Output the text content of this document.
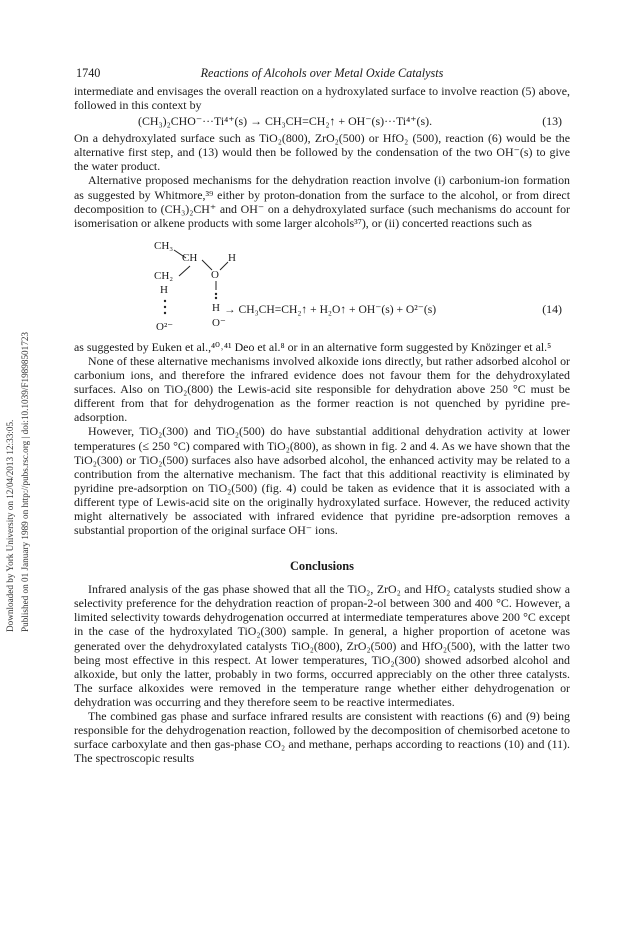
Downloaded by York University on 12/04/2013 12:33:05. Published on 01 January 1989 on http://pubs.rsc.org | doi:10.1039/F19898501723
1740	Reactions of Alcohols over Metal Oxide Catalysts

intermediate and envisages the overall reaction on a hydroxylated surface to involve reaction (5) above, followed in this context by

(CH₃)₂CHO⁻···Ti⁴⁺(s) → CH₃CH=CH₂↑ + OH⁻(s)···Ti⁴⁺(s).	(13)

On a dehydroxylated surface such as TiO₂(800), ZrO₂(500) or HfO₂ (500), reaction (6) would be the alternative first step, and (13) would then be followed by the condensation of the two OH⁻(s) to give the water product.

Alternative proposed mechanisms for the dehydration reaction involve (i) carbonium-ion formation as suggested by Whitmore,³⁹ either by proton-donation from the surface to the alcohol, or from direct decomposition to (CH₃)₂CH⁺ and OH⁻ on a dehydroxylated surface (such mechanisms do account for isomerisation or alkene products with some larger alcohols³⁷), or (ii) concerted reactions such as

CH₃
CH	H
CH₂	O
H
H → CH₃CH=CH₂↑ + H₂O↑ + OH⁻(s) + O²⁻(s)	(14)
O⁻
O²⁻

as suggested by Euken et al.,⁴⁰˒⁴¹ Deo et al.⁸ or in an alternative form suggested by Knözinger et al.⁵

None of these alternative mechanisms involved alkoxide ions directly, but rather adsorbed alcohol or carbonium ions, and therefore the infrared evidence does not favour them for the dehydroxylated surfaces. Also on TiO₂(800) the Lewis-acid site responsible for dehydration above 250 °C must be different from that for dehydrogenation as the former reaction is not quenched by pyridine pre-adsorption.

However, TiO₂(300) and TiO₂(500) do have substantial additional dehydration activity at lower temperatures (≤ 250 °C) compared with TiO₂(800), as shown in fig. 2 and 4. As we have shown that the TiO₂(300) or TiO₂(500) surfaces also have adsorbed alcohol, the enhanced activity may be related to a contribution from the alternative mechanism. The fact that this additional reactivity is eliminated by pyridine pre-adsorption on TiO₂(500) (fig. 4) could be taken as evidence that it is associated with a different type of Lewis-acid site on the originally hydroxylated surface. However, the reduced activity might alternatively be associated with infrared evidence that pyridine pre-adsorption removes a substantial proportion of the original surface OH⁻ ions.

Conclusions

Infrared analysis of the gas phase showed that all the TiO₂, ZrO₂ and HfO₂ catalysts studied show a selectivity preference for the dehydration reaction of propan-2-ol between 300 and 400 °C. However, a limited selectivity towards dehydrogenation occurred at intermediate temperatures above 200 °C except in the case of the hydroxylated TiO₂(300) sample. In general, a higher proportion of acetone was generated over the dehydroxylated catalysts TiO₂(800), ZrO₂(500) and HfO₂(500), with the latter two being most effective in this respect. At lower temperatures, TiO₂(300) showed adsorbed alcohol and alkoxide, but only the latter, probably in two forms, occurred appreciably on the other three catalysts. The surface alkoxides were removed in the temperature range whether either dehydrogenation or dehydration was occurring and they therefore seem to be reactive intermediates.

The combined gas phase and surface infrared results are consistent with reactions (6) and (9) being responsible for the dehydrogenation reaction, followed by the decomposition of chemisorbed acetone to surface carboxylate and then gas-phase CO₂ and methane, perhaps according to reactions (10) and (11). The spectroscopic results
